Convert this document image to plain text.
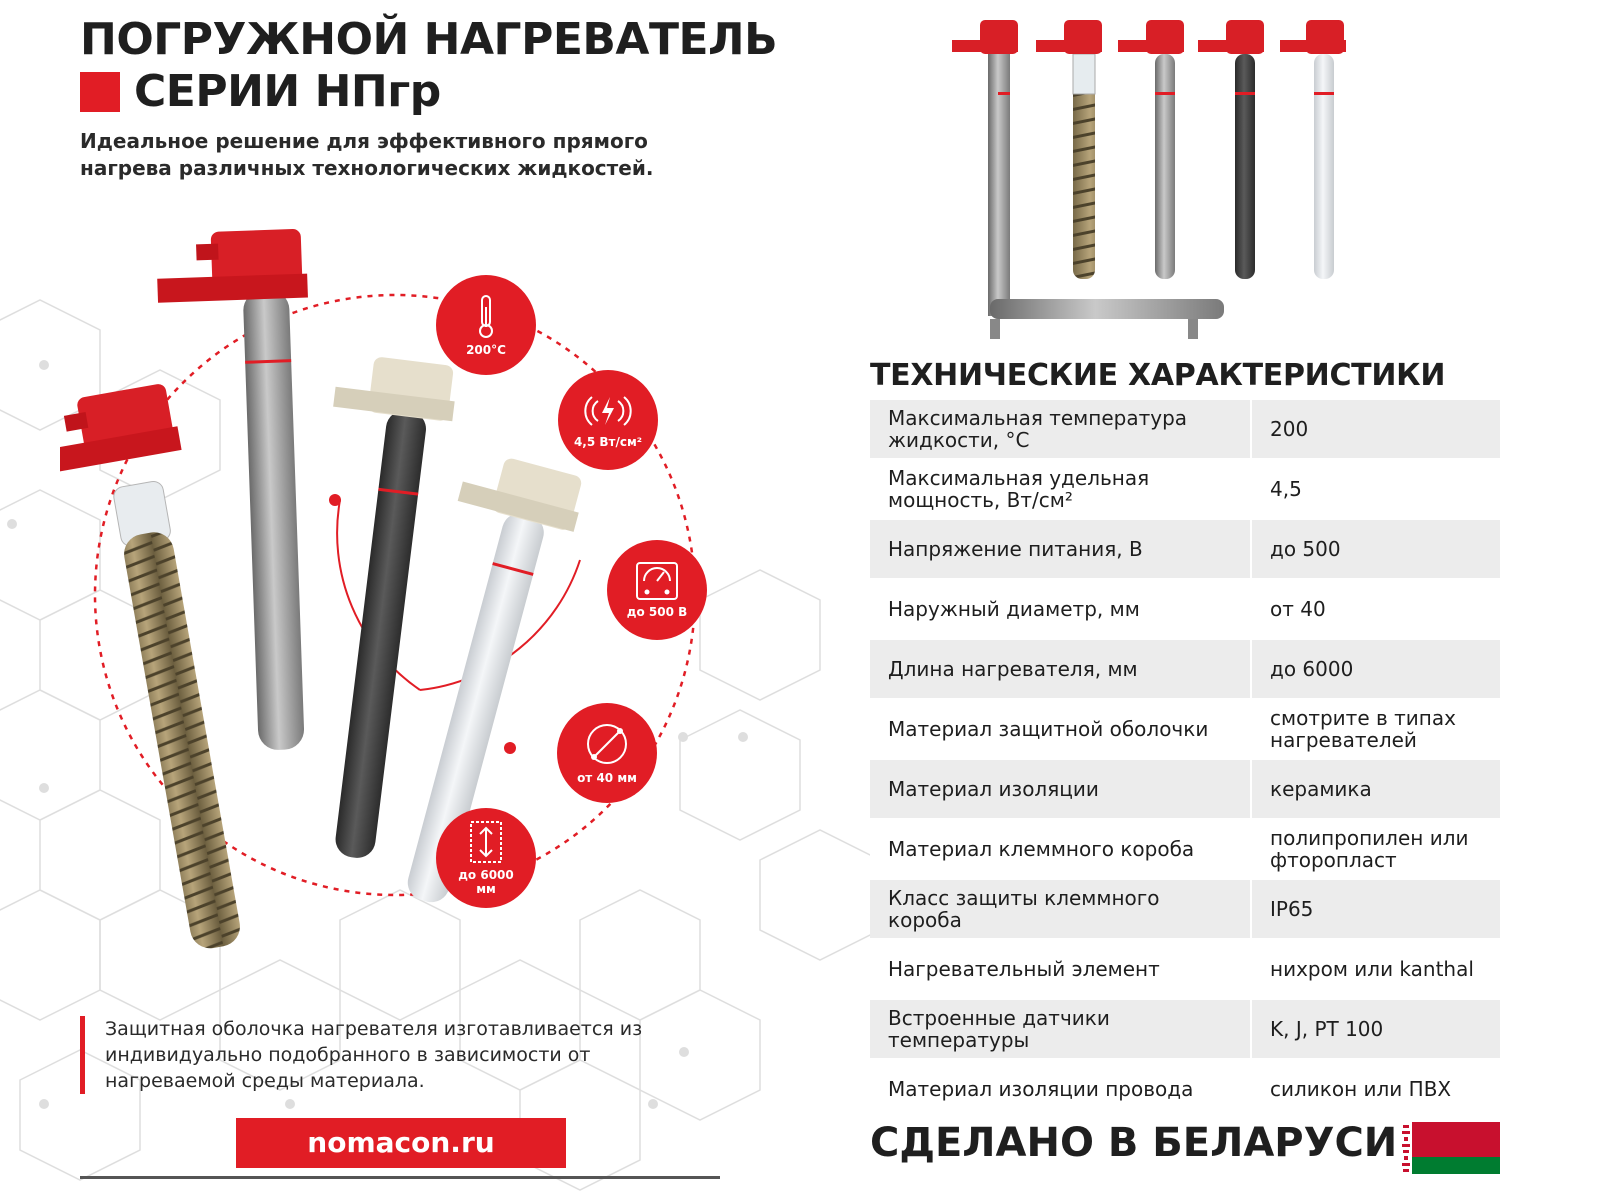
ПОГРУЖНОЙ НАГРЕВАТЕЛЬ
СЕРИИ НПгр
Идеальное решение для эффективного прямого нагрева различных технологических жидкостей.
200°C
4,5 Вт/см²
до 500 В
от 40 мм
до 6000 мм
Защитная оболочка нагревателя изготавливается из индивидуально подобранного в зависимости от нагреваемой среды материала.
nomacon.ru
ТЕХНИЧЕСКИЕ ХАРАКТЕРИСТИКИ
Максимальная температура жидкости, °С	200
Максимальная удельная мощность, Вт/см²	4,5
Напряжение питания, В	до 500
Наружный диаметр, мм	от 40
Длина нагревателя, мм	до 6000
Материал защитной оболочки	смотрите в типах нагревателей
Материал изоляции	керамика
Материал клеммного короба	полипропилен или фторопласт
Класс защиты клеммного короба	IP65
Нагревательный элемент	нихром или kanthal
Встроенные датчики температуры	K, J, PT 100
Материал изоляции провода	силикон или ПВХ
СДЕЛАНО В БЕЛАРУСИ
